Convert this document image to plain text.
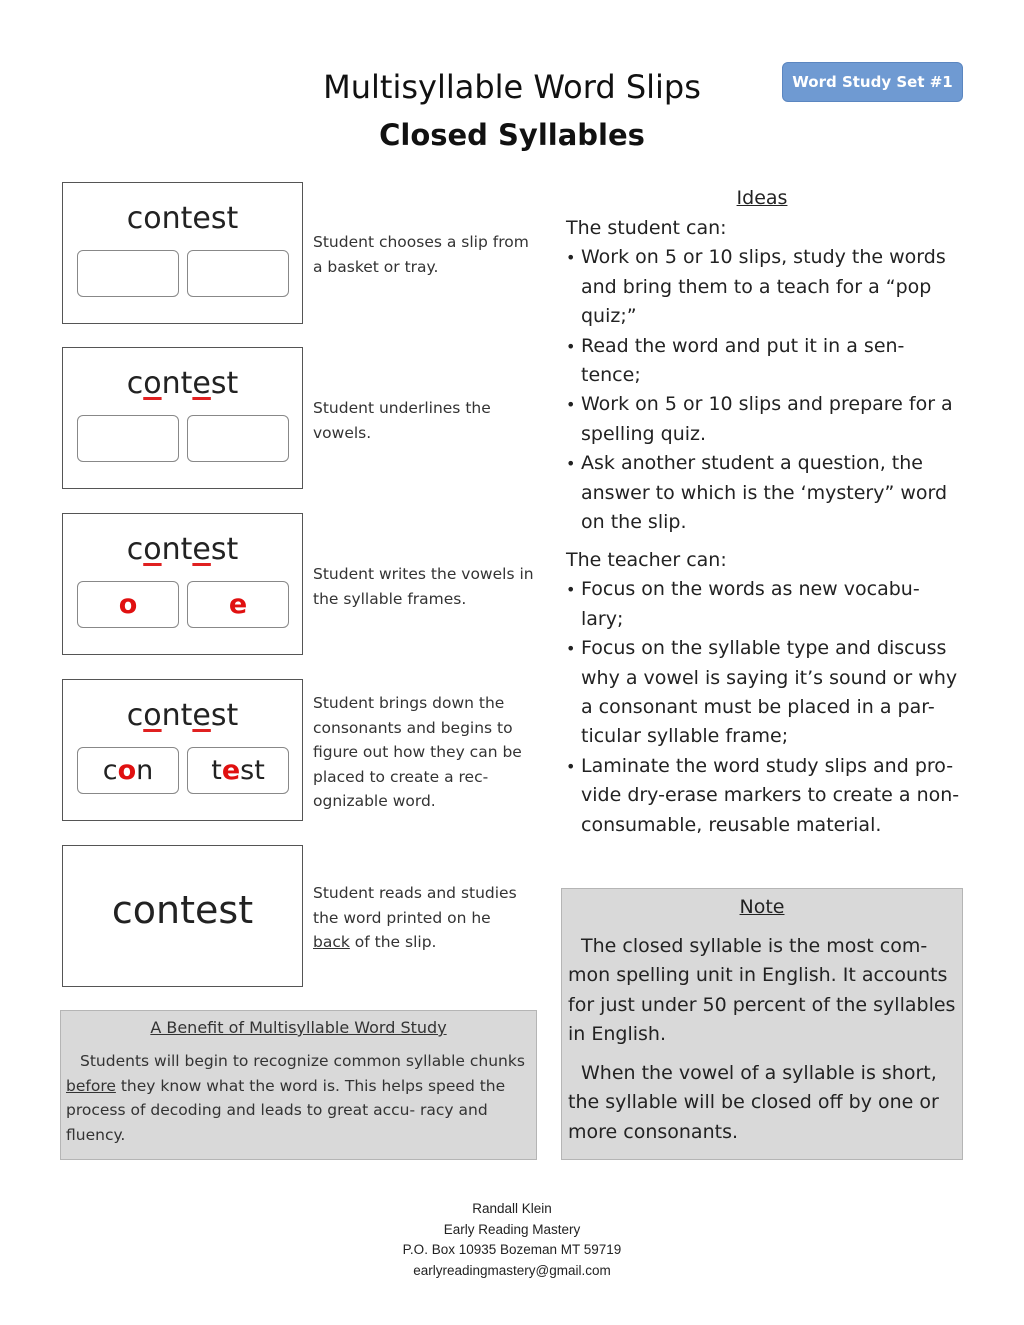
Multisyllable Word Slips
Closed Syllables
Word Study Set #1
contest
Student chooses a slip from a basket or tray.
contest
Student underlines the vowels.
contest
o	e
Student writes the vowels in the syllable frames.
contest
c o n t e st
Student brings down the consonants and begins to figure out how they can be placed to create a rec- ognizable word.
contest	Student reads and studies the word printed on he back of the slip.
Ideas
The student can:
• Work on 5 or 10 slips, study the words and bring them to a teach for a “pop quiz;”
• Read the word and put it in a sen- tence;
• Work on 5 or 10 slips and prepare for a spelling quiz.
• Ask another student a question, the answer to which is the ‘mystery” word on the slip.
The teacher can:
• Focus on the words as new vocabu- lary;
• Focus on the syllable type and discuss why a vowel is saying it’s sound or why a consonant must be placed in a par- ticular syllable frame;
• Laminate the word study slips and pro- vide dry-erase markers to create a non-consumable, reusable material.
Note
The closed syllable is the most com- mon spelling unit in English. It accounts for just under 50 percent of the syllables in English.
When the vowel of a syllable is short, the syllable will be closed off by one or more consonants.
A Benefit of Multisyllable Word Study
Students will begin to recognize common syllable chunks before they know what the word is. This helps speed the process of decoding and leads to great accu- racy and fluency.
Randall Klein
Early Reading Mastery
P.O. Box 10935 Bozeman MT 59719
earlyreadingmastery@gmail.com
